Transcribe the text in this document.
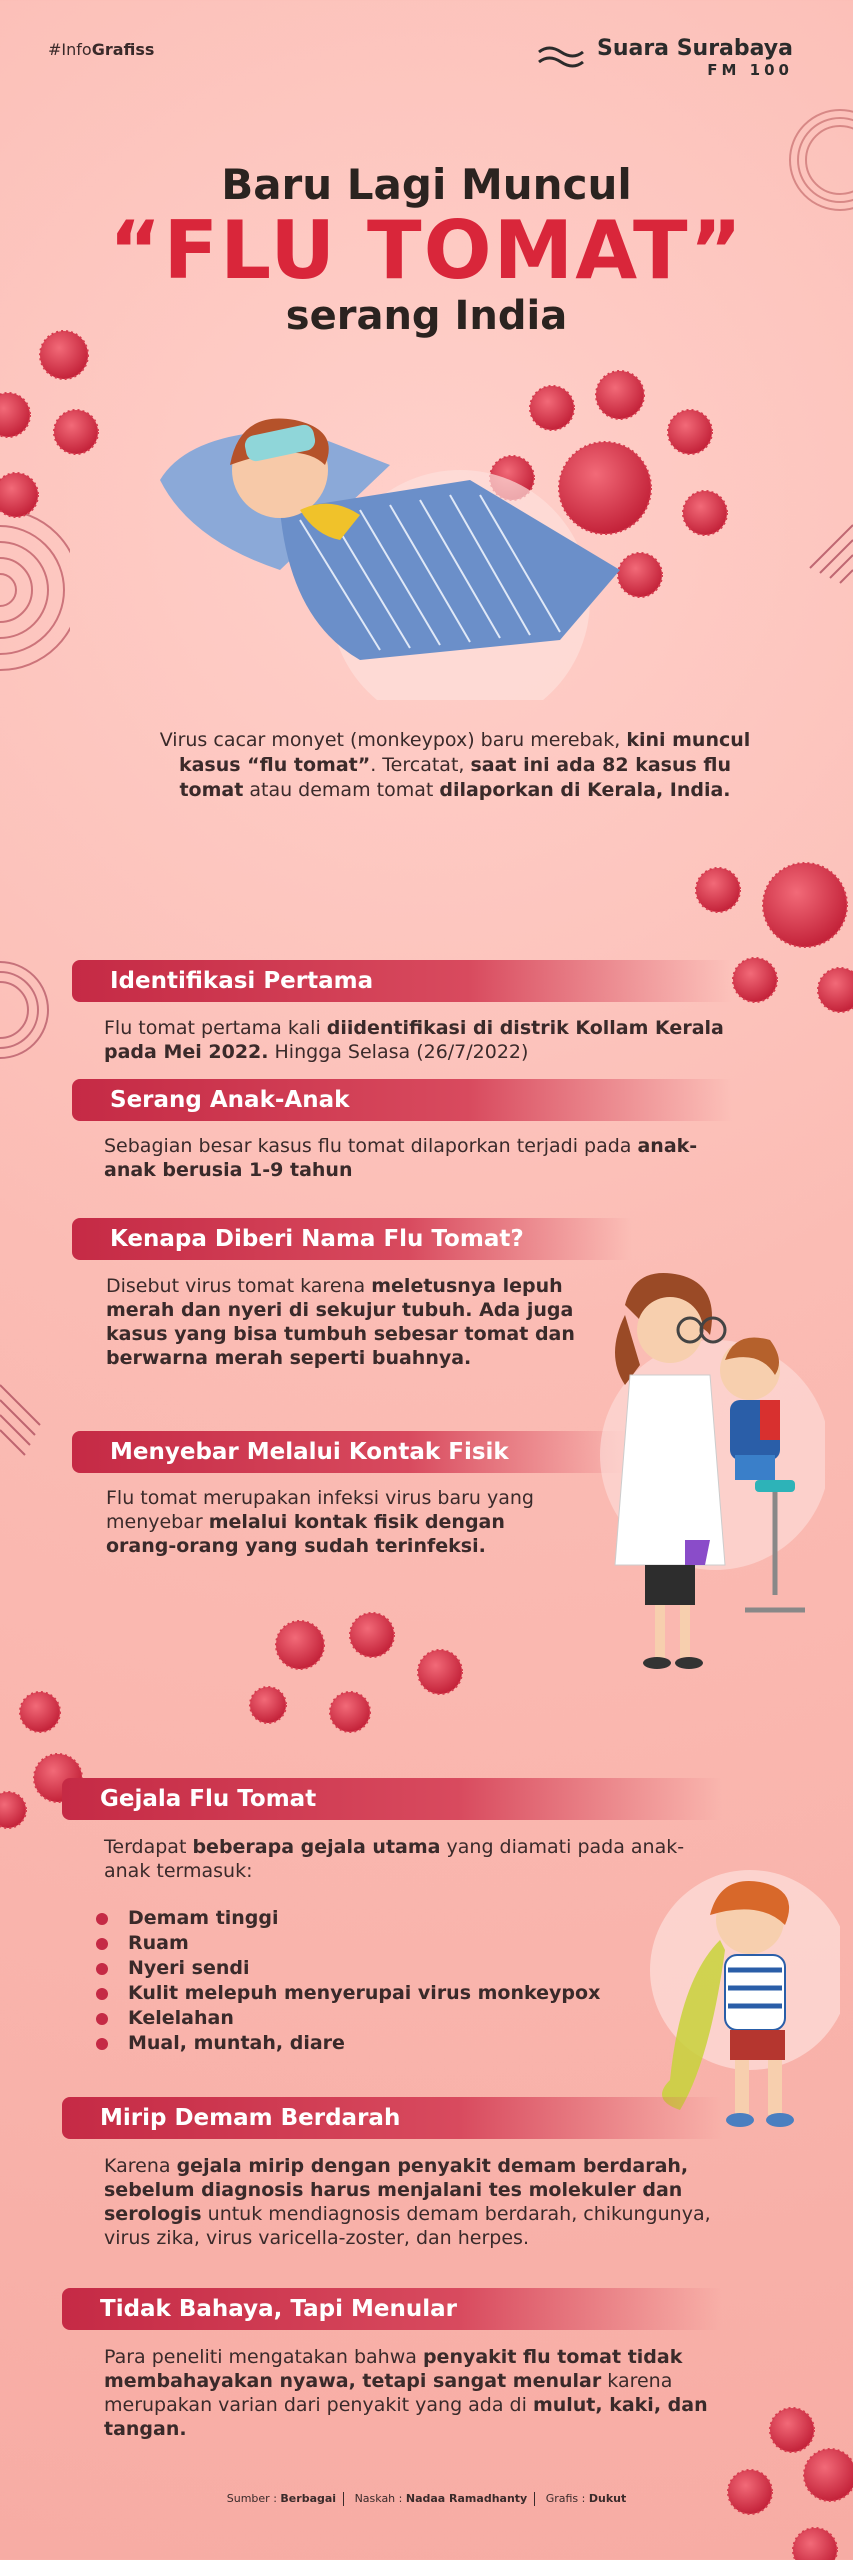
#InfoGrafiss	Suara Surabaya
FM 100
Baru Lagi Muncul
“FLU TOMAT”
serang India
Virus cacar monyet (monkeypox) baru merebak, kini muncul kasus “flu tomat”. Tercatat, saat ini ada 82 kasus flu tomat atau demam tomat dilaporkan di Kerala, India.
Identifikasi Pertama
Flu tomat pertama kali diidentifikasi di distrik Kollam Kerala pada Mei 2022. Hingga Selasa (26/7/2022)
Serang Anak-Anak
Sebagian besar kasus flu tomat dilaporkan terjadi pada anak-anak berusia 1-9 tahun
Kenapa Diberi Nama Flu Tomat?
Disebut virus tomat karena meletusnya lepuh merah dan nyeri di sekujur tubuh. Ada juga kasus yang bisa tumbuh sebesar tomat dan berwarna merah seperti buahnya.
Menyebar Melalui Kontak Fisik
Flu tomat merupakan infeksi virus baru yang menyebar melalui kontak fisik dengan orang-orang yang sudah terinfeksi.
Gejala Flu Tomat
Terdapat beberapa gejala utama yang diamati pada anak-anak termasuk:
Demam tinggi
Ruam
Nyeri sendi
Kulit melepuh menyerupai virus monkeypox
Kelelahan
Mual, muntah, diare
Mirip Demam Berdarah
Karena gejala mirip dengan penyakit demam berdarah, sebelum diagnosis harus menjalani tes molekuler dan serologis untuk mendiagnosis demam berdarah, chikungunya, virus zika, virus varicella-zoster, dan herpes.
Tidak Bahaya, Tapi Menular
Para peneliti mengatakan bahwa penyakit flu tomat tidak membahayakan nyawa, tetapi sangat menular karena merupakan varian dari penyakit yang ada di mulut, kaki, dan tangan.
Sumber : Berbagai Naskah : Nadaa Ramadhanty Grafis : Dukut
